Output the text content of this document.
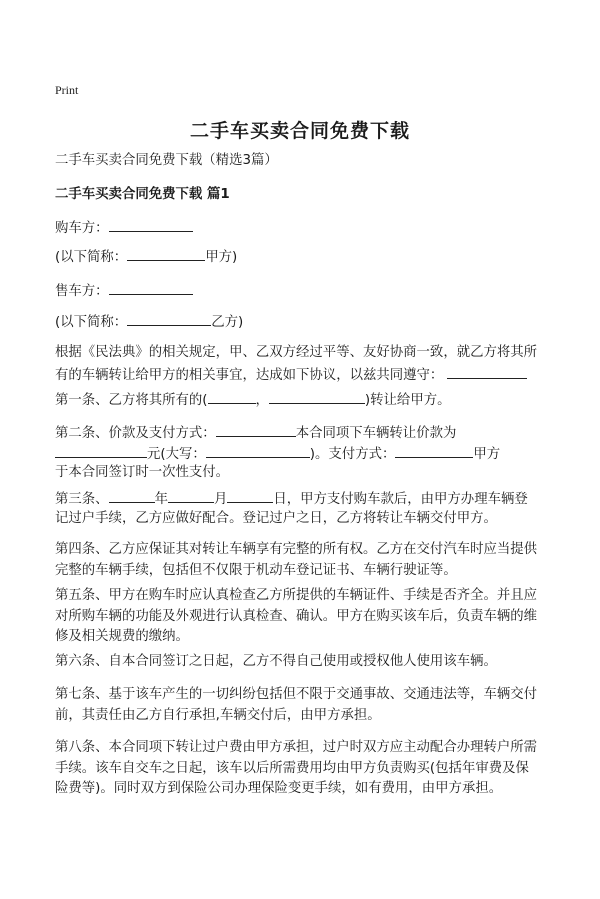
Print
二手车买卖合同免费下载
二手车买卖合同免费下载（精选3篇）
二手车买卖合同免费下载 篇1
购车方：
(以下简称：	甲方)
售车方：
(以下简称：	乙方)
根据《民法典》的相关规定，甲、乙双方经过平等、友好协商一致，就乙方将其所
有的车辆转让给甲方的相关事宜，达成如下协议，以兹共同遵守：
第一条、乙方将其所有的(	，	)转让给甲方。
第二条、价款及支付方式：	本合同项下车辆转让价款为
元(大写：	)。支付方式：	甲方
于本合同签订时一次性支付。
第三条、	年	月	日，甲方支付购车款后，由甲方办理车辆登
记过户手续，乙方应做好配合。登记过户之日，乙方将转让车辆交付甲方。
第四条、乙方应保证其对转让车辆享有完整的所有权。乙方在交付汽车时应当提供
完整的车辆手续，包括但不仅限于机动车登记证书、车辆行驶证等。
第五条、甲方在购车时应认真检查乙方所提供的车辆证件、手续是否齐全。并且应
对所购车辆的功能及外观进行认真检查、确认。甲方在购买该车后，负责车辆的维
修及相关规费的缴纳。
第六条、自本合同签订之日起，乙方不得自己使用或授权他人使用该车辆。
第七条、基于该车产生的一切纠纷包括但不限于交通事故、交通违法等，车辆交付
前，其责任由乙方自行承担,车辆交付后，由甲方承担。
第八条、本合同项下转让过户费由甲方承担，过户时双方应主动配合办理转户所需
手续。该车自交车之日起，该车以后所需费用均由甲方负责购买(包括年审费及保
险费等)。同时双方到保险公司办理保险变更手续，如有费用，由甲方承担。
